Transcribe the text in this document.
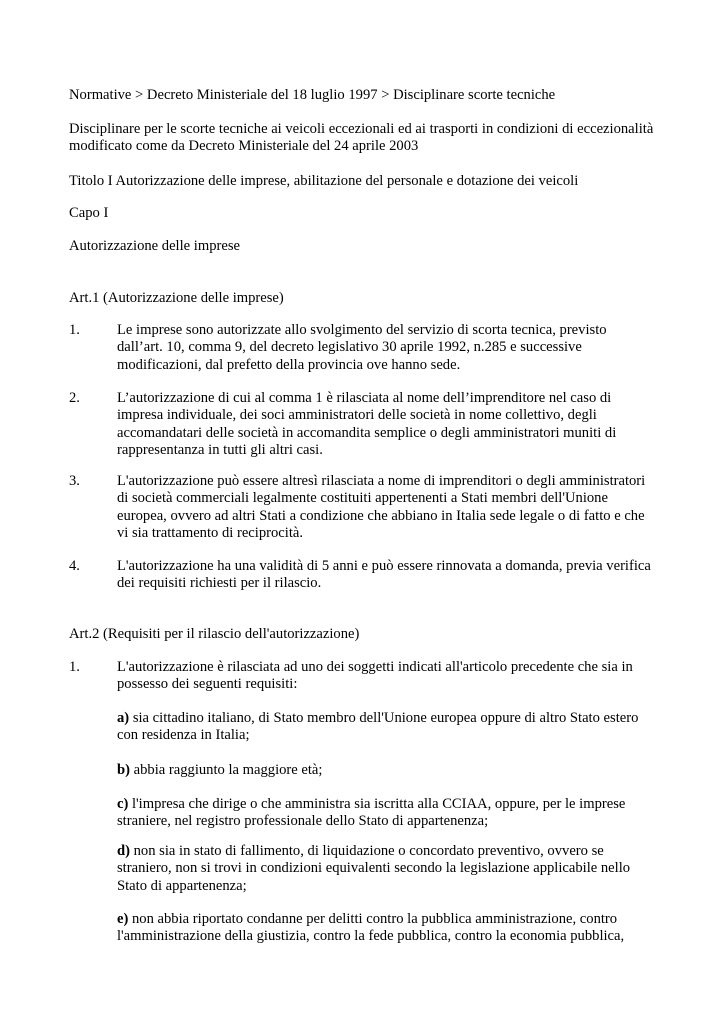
Normative > Decreto Ministeriale del 18 luglio 1997 > Disciplinare scorte tecniche
Disciplinare per le scorte tecniche ai veicoli eccezionali ed ai trasporti in condizioni di eccezionalità
modificato come da Decreto Ministeriale del 24 aprile 2003
Titolo I Autorizzazione delle imprese, abilitazione del personale e dotazione dei veicoli
Capo I
Autorizzazione delle imprese
Art.1 (Autorizzazione delle imprese)
1.	Le imprese sono autorizzate allo svolgimento del servizio di scorta tecnica, previsto

dall’art. 10, comma 9, del decreto legislativo 30 aprile 1992, n.285 e successive

modificazioni, dal prefetto della provincia ove hanno sede.

2.	L’autorizzazione di cui al comma 1 è rilasciata al nome dell’imprenditore nel caso di

impresa individuale, dei soci amministratori delle società in nome collettivo, degli

accomandatari delle società in accomandita semplice o degli amministratori muniti di

rappresentanza in tutti gli altri casi.

3.	L'autorizzazione può essere altresì rilasciata a nome di imprenditori o degli amministratori

di società commerciali legalmente costituiti appertenenti a Stati membri dell'Unione

europea, ovvero ad altri Stati a condizione che abbiano in Italia sede legale o di fatto e che

vi sia trattamento di reciprocità.

4.	L'autorizzazione ha una validità di 5 anni e può essere rinnovata a domanda, previa verifica

dei requisiti richiesti per il rilascio.

Art.2 (Requisiti per il rilascio dell'autorizzazione)
1.	L'autorizzazione è rilasciata ad uno dei soggetti indicati all'articolo precedente che sia in

possesso dei seguenti requisiti:

a) sia cittadino italiano, di Stato membro dell'Unione europea oppure di altro Stato estero

con residenza in Italia;

b) abbia raggiunto la maggiore età;

c) l'impresa che dirige o che amministra sia iscritta alla CCIAA, oppure, per le imprese

straniere, nel registro professionale dello Stato di appartenenza;

d) non sia in stato di fallimento, di liquidazione o concordato preventivo, ovvero se

straniero, non si trovi in condizioni equivalenti secondo la legislazione applicabile nello

Stato di appartenenza;

e) non abbia riportato condanne per delitti contro la pubblica amministrazione, contro

l'amministrazione della giustizia, contro la fede pubblica, contro la economia pubblica,
